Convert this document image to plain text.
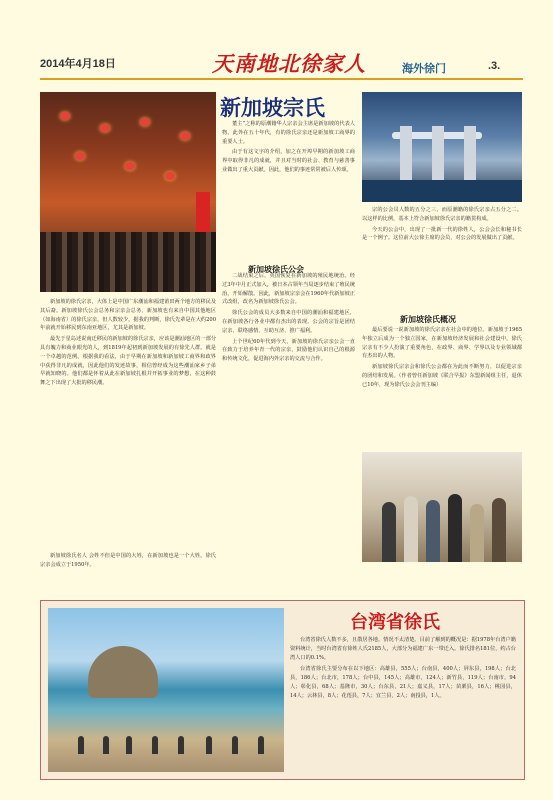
2014年4月18日	天南地北徐家人	海外徐门	.3.
新加坡宗氏

新加坡的徐氏宗亲，大体上是中国广东潮汕和福建莆田两个地方的移民及其后裔。新加坡徐氏公会总务和宗亲会总务，新加坡也有来自中国其他地区（如海南省）的徐氏宗亲，但人数较少。据我的判断，徐氏先辈是在大约200年前就开始移民到东南亚地区，尤其是新加坡。

最先于星岛述说南迁移民的新加坡的徐氏宗亲，应该是潮汕地区的一部分具有魄力和商业眼光的人，到1819年起初到新加坡发展的有徐先人群。就是一个卓越的范例。根据我的看法，由于早期在新加坡和新加坡工商界和政界中获得非凡的成就，因此他们的发迹故事，相信曾经成为这些潮汕家乡子弟早就知晓的。他们都是怀着从此在新加坡扎根并开拓事业的梦想，在这种鼓舞之下出现了大批的移民潮。

新加坡徐氏名人 会姓不但是中国的大姓，在新加坡也是一个大姓。徐氏宗亲会成立于1950年。

董主”之称的原潮籍华人宗亲会主席是新加坡的代表人物。此外在五十年代，有的徐氏宗亲还是新加坡工商界的重要人士。

由于有这文字的介绍，加之在开埠早期的新加坡工商界中取得非凡的成就，并且对当时的社会、教育与慈善事业做出了重大贡献。因此，他们的事迹常常被后人传颂。

新加坡徐氏公会

二战结束之后，英国恢复在新加坡的殖民地统治。经过3年中月正式加入，被日本占领年当局逐步结束了殖民统治，开始解散。因此，新加坡宗亲会在1960年代新加坡正式改组，改名为新加坡徐氏公会。

徐氏公会的成员大多数来自中国的潮汕和福建地区，在新加坡各行各业中都有杰出的表现。公会的宗旨是团结宗亲、联络感情、互助互济、推广福利。

上个世纪60年代到今天，新加坡的徐氏宗亲公会一直在致力于培养年青一代的宗亲，鼓励他们认识自己的根源和传统文化，促进海内外宗亲的交流与合作。

宗的公会员人数的五分之三，而原潮籍的徐氏宗亲占五分之二。以这样的比例，基本上符合新加坡徐氏宗亲的籍贯构成。

今天的公会中，出现了一批新一代的徐姓人，公会会长和秘书长是一个例子。这位前大公徐主席的会员，对公会的发展做出了贡献。

新加坡徐氏概况

最后要说一说新加坡的徐氏宗亲在社会中的地位。新加坡于1965年独立后成为一个独立国家，在新加坡经济发展和社会建设中，徐氏宗亲有不少人扮演了重要角色，在政界、商界、学界以及专业领域都有杰出的人物。

新加坡徐氏宗亲会和徐氏公会都在为此而不断努力，以促进宗亲的团结和发展。（作者曾任新加坡《联合早报》东盟新闻组主任，退休已10年，现为徐氏公会会刊主编）

台湾省徐氏

台湾省徐氏人数不多，且散居各地。情况不太清楚。目前了解到的概况是：据1978年台湾户籍资料统计，当时台湾省有徐姓人氏2185人，大部分为福建广东一带迁入。徐氏排名181位，约占台湾人口的0.1%。

台湾省徐氏主要分布在以下地区：高雄县，555人；台南县，400人；屏东县，198人；台北县，186人；台北市，178人；台中县，145人；高雄市，124人；新竹县，119人；台南市，94人；彰化县，68人；基隆市，30人；台东县，21人；嘉义县，17人；苗栗县，16人；桃园县，14人；云林县，8人；花莲县，7人；宜兰县，2人；南投县，1人。
